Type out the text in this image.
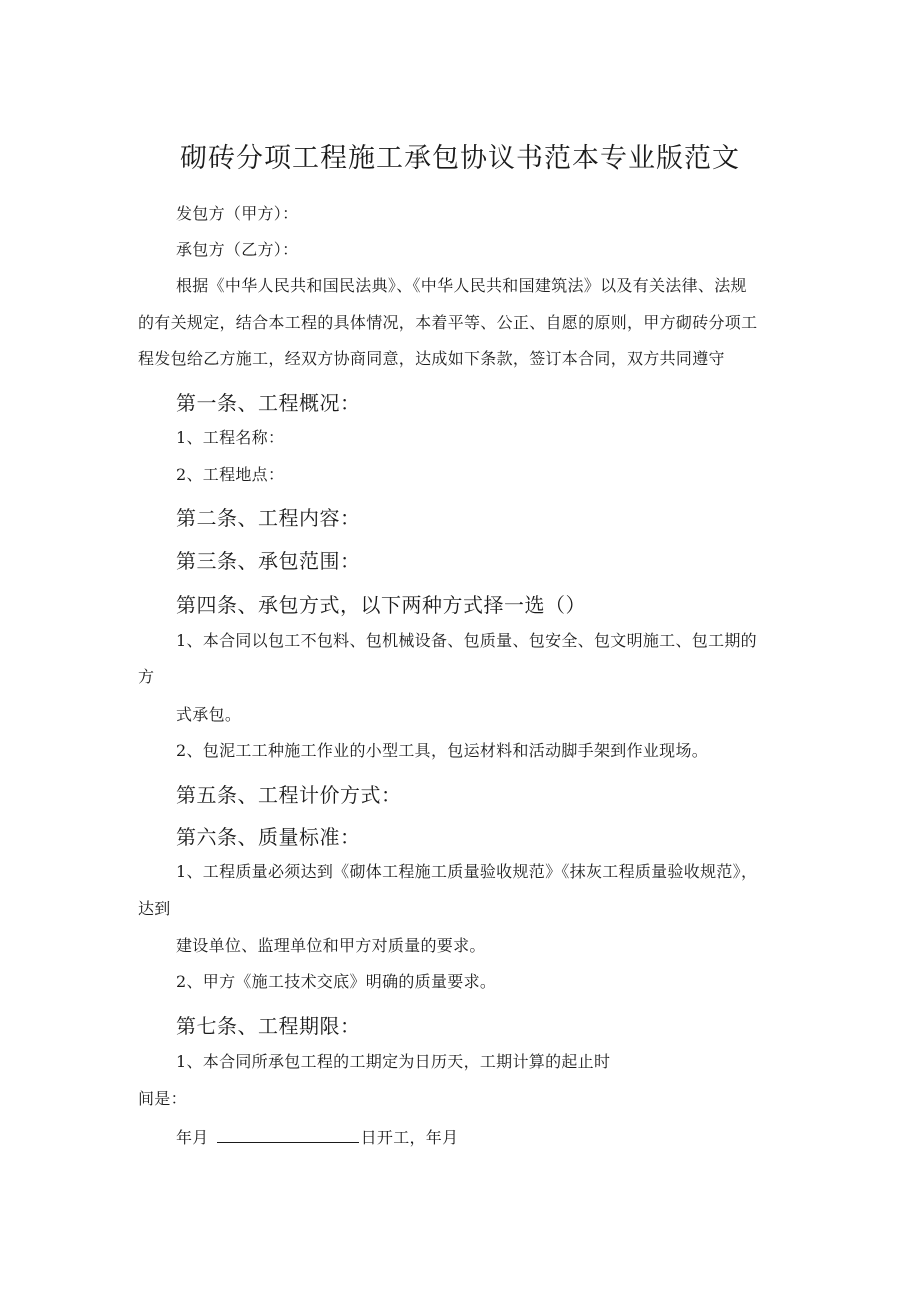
砌砖分项工程施工承包协议书范本专业版范文
发包方（甲方）：
承包方（乙方）：
根据《中华人民共和国民法典》、《中华人民共和国建筑法》以及有关法律、法规
的有关规定，结合本工程的具体情况，本着平等、公正、自愿的原则，甲方砌砖分项工
程发包给乙方施工，经双方协商同意，达成如下条款，签订本合同，双方共同遵守
第一条、工程概况：
1、工程名称：
2、工程地点：
第二条、工程内容：
第三条、承包范围：
第四条、承包方式，以下两种方式择一选（）
1、本合同以包工不包料、包机械设备、包质量、包安全、包文明施工、包工期的
方
式承包。
2、包泥工工种施工作业的小型工具，包运材料和活动脚手架到作业现场。
第五条、工程计价方式：
第六条、质量标准：
1、工程质量必须达到《砌体工程施工质量验收规范》《抹灰工程质量验收规范》，
达到
建设单位、监理单位和甲方对质量的要求。
2、甲方《施工技术交底》明确的质量要求。
第七条、工程期限：
1、本合同所承包工程的工期定为日历天，工期计算的起止时
间是：
年月	日开工，年月
